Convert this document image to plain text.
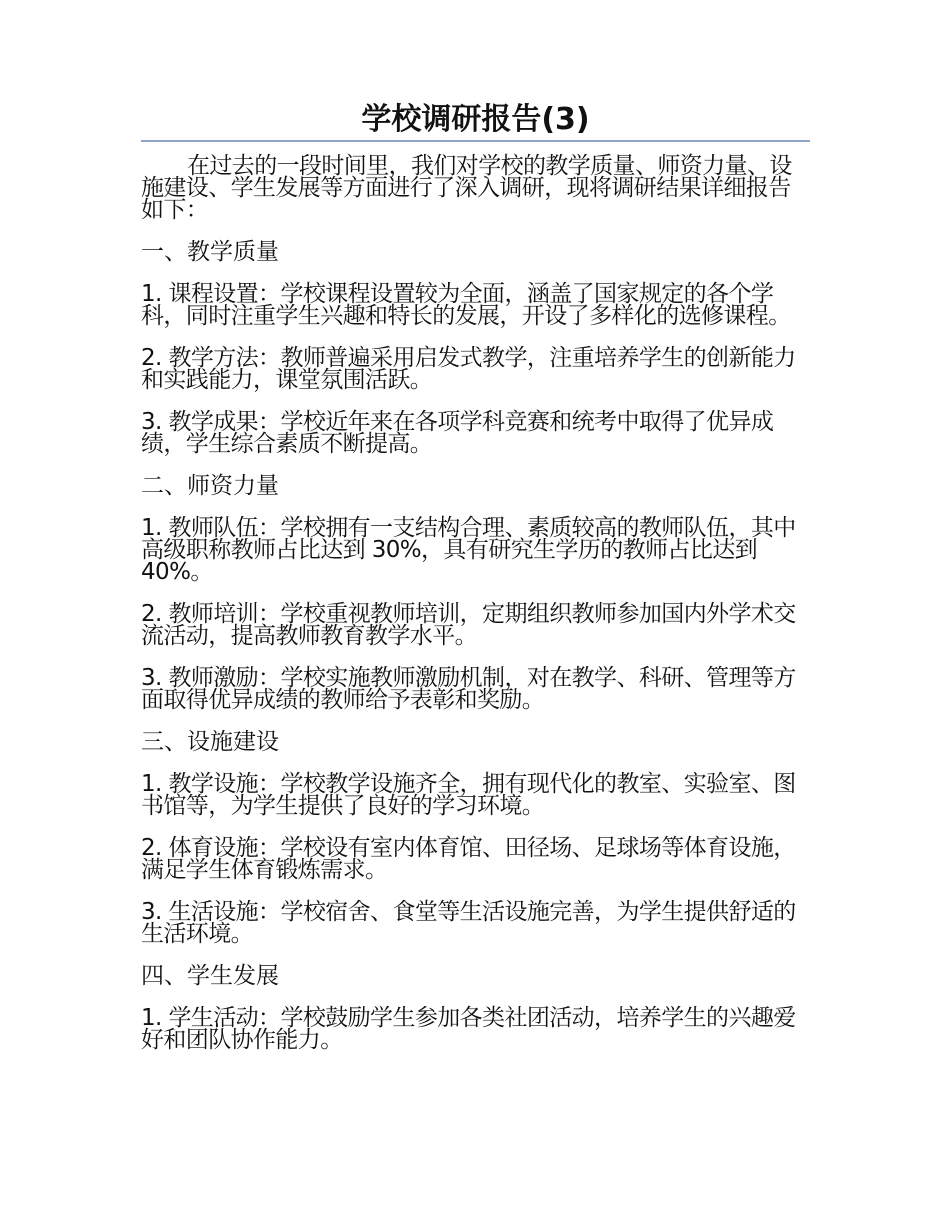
学校调研报告(3)

在过去的一段时间里，我们对学校的教学质量、师资力量、设施建设、学生发展等方面进行了深入调研，现将调研结果详细报告如下：

一、教学质量

1. 课程设置：学校课程设置较为全面，涵盖了国家规定的各个学科，同时注重学生兴趣和特长的发展，开设了多样化的选修课程。

2. 教学方法：教师普遍采用启发式教学，注重培养学生的创新能力和实践能力，课堂氛围活跃。

3. 教学成果：学校近年来在各项学科竞赛和统考中取得了优异成绩，学生综合素质不断提高。

二、师资力量

1. 教师队伍：学校拥有一支结构合理、素质较高的教师队伍，其中高级职称教师占比达到 30%，具有研究生学历的教师占比达到 40%。

2. 教师培训：学校重视教师培训，定期组织教师参加国内外学术交流活动，提高教师教育教学水平。

3. 教师激励：学校实施教师激励机制，对在教学、科研、管理等方面取得优异成绩的教师给予表彰和奖励。

三、设施建设

1. 教学设施：学校教学设施齐全，拥有现代化的教室、实验室、图书馆等，为学生提供了良好的学习环境。

2. 体育设施：学校设有室内体育馆、田径场、足球场等体育设施，满足学生体育锻炼需求。

3. 生活设施：学校宿舍、食堂等生活设施完善，为学生提供舒适的生活环境。

四、学生发展

1. 学生活动：学校鼓励学生参加各类社团活动，培养学生的兴趣爱好和团队协作能力。
